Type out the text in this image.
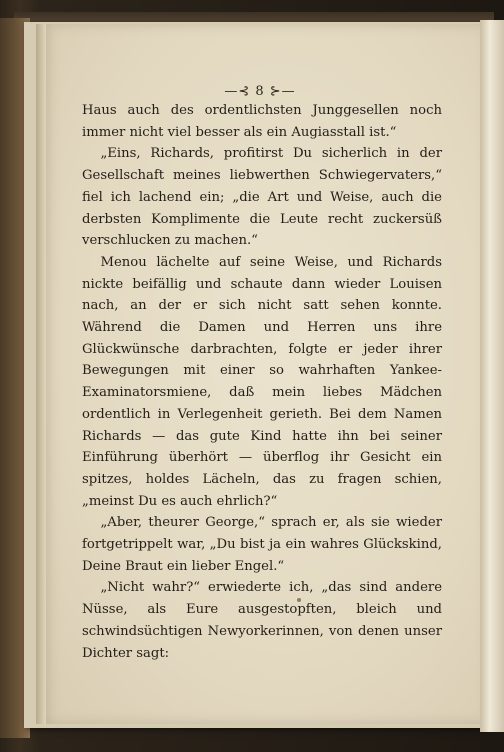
—⊰ 8 ⊱—

Haus auch des ordentlichsten Junggesellen noch immer nicht viel besser als ein Augiasstall ist.“

„Eins, Richards, profitirst Du sicherlich in der Gesellschaft meines liebwerthen Schwiegervaters,“ fiel ich lachend ein; „die Art und Weise, auch die derbsten Komplimente die Leute recht zuckersüß verschlucken zu machen.“

Menou lächelte auf seine Weise, und Richards nickte beifällig und schaute dann wieder Louisen nach, an der er sich nicht satt sehen konnte. Während die Damen und Herren uns ihre Glückwünsche darbrachten, folgte er jeder ihrer Bewegungen mit einer so wahrhaften Yankee-Examinatorsmiene, daß mein liebes Mädchen ordentlich in Verlegenheit gerieth. Bei dem Namen Richards — das gute Kind hatte ihn bei seiner Einführung überhört — überflog ihr Gesicht ein spitzes, holdes Lächeln, das zu fragen schien, „meinst Du es auch ehrlich?“

„Aber, theurer George,“ sprach er, als sie wieder fortgetrippelt war, „Du bist ja ein wahres Glückskind, Deine Braut ein lieber Engel.“

„Nicht wahr?“ erwiederte ich, „das sind andere Nüsse, als Eure ausgestopften, bleich und schwindsüchtigen Newyorkerinnen, von denen unser Dichter sagt:
